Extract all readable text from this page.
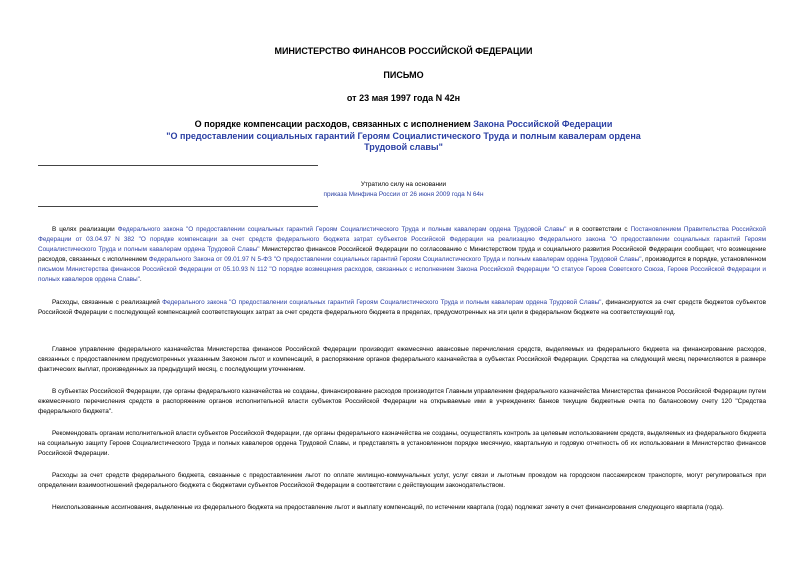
МИНИСТЕРСТВО ФИНАНСОВ РОССИЙСКОЙ ФЕДЕРАЦИИ
ПИСЬМО
от 23 мая 1997 года N 42н
О порядке компенсации расходов, связанных с исполнением Закона Российской Федерации
"О предоставлении социальных гарантий Героям Социалистического Труда и полным кавалерам ордена Трудовой славы"
Утратило силу на основании
приказа Минфина России от 26 июня 2009 года N 64н

В целях реализации Федерального закона "О предоставлении социальных гарантий Героям Социалистического Труда и полным кавалерам ордена Трудовой Славы" и в соответствии с Постановлением Правительства Российской Федерации от 03.04.97 N 382 "О порядке компенсации за счет средств федерального бюджета затрат субъектов Российской Федерации на реализацию Федерального закона "О предоставлении социальных гарантий Героям Социалистического Труда и полным кавалерам ордена Трудовой Славы" Министерство финансов Российской Федерации по согласованию с Министерством труда и социального развития Российской Федерации сообщает, что возмещение расходов, связанных с исполнением Федерального Закона от 09.01.97 N 5-ФЗ "О предоставлении социальных гарантий Героям Социалистического Труда и полным кавалерам ордена Трудовой Славы", производится в порядке, установленном письмом Министерства финансов Российской Федерации от 05.10.93 N 112 "О порядке возмещения расходов, связанных с исполнением Закона Российской Федерации "О статусе Героев Советского Союза, Героев Российской Федерации и полных кавалеров ордена Славы".

Расходы, связанные с реализацией Федерального закона "О предоставлении социальных гарантий Героям Социалистического Труда и полным кавалерам ордена Трудовой Славы", финансируются за счет средств бюджетов субъектов Российской Федерации с последующей компенсацией соответствующих затрат за счет средств федерального бюджета в пределах, предусмотренных на эти цели в федеральном бюджете на соответствующий год.

Главное управление федерального казначейства Министерства финансов Российской Федерации производит ежемесячно авансовые перечисления средств, выделяемых из федерального бюджета на финансирование расходов, связанных с предоставлением предусмотренных указанным Законом льгот и компенсаций, в распоряжение органов федерального казначейства в субъектах Российской Федерации. Средства на следующий месяц перечисляются в размере фактических выплат, произведенных за предыдущий месяц, с последующим уточнением.

В субъектах Российской Федерации, где органы федерального казначейства не созданы, финансирование расходов производится Главным управлением федерального казначейства Министерства финансов Российской Федерации путем ежемесячного перечисления средств в распоряжение органов исполнительной власти субъектов Российской Федерации на открываемые ими в учреждениях банков текущие бюджетные счета по балансовому счету 120 "Средства федерального бюджета".

Рекомендовать органам исполнительной власти субъектов Российской Федерации, где органы федерального казначейства не созданы, осуществлять контроль за целевым использованием средств, выделяемых из федерального бюджета на социальную защиту Героев Социалистического Труда и полных кавалеров ордена Трудовой Славы, и представлять в установленном порядке месячную, квартальную и годовую отчетность об их использовании в Министерство финансов Российской Федерации.

Расходы за счет средств федерального бюджета, связанные с предоставлением льгот по оплате жилищно-коммунальных услуг, услуг связи и льготным проездом на городском пассажирском транспорте, могут регулироваться при определении взаимоотношений федерального бюджета с бюджетами субъектов Российской Федерации в соответствии с действующим законодательством.

Неиспользованные ассигнования, выделенные из федерального бюджета на предоставление льгот и выплату компенсаций, по истечении квартала (года) подлежат зачету в счет финансирования следующего квартала (года).
